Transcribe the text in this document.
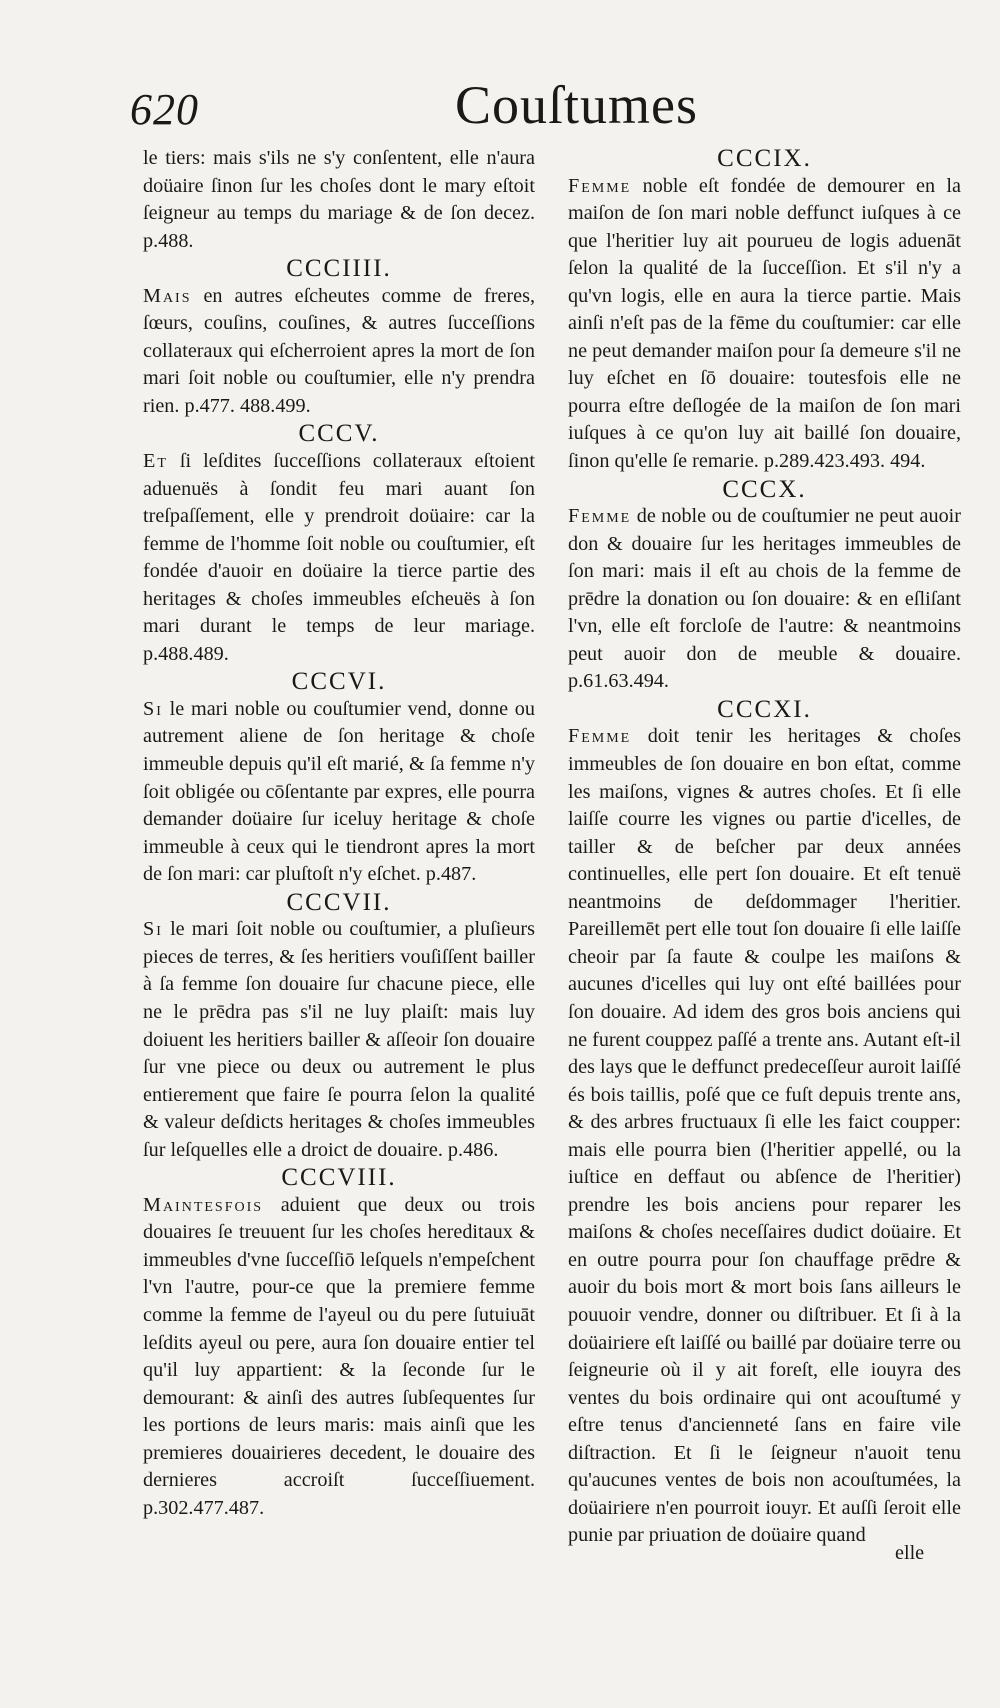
620	Couſtumes

le tiers: mais s'ils ne s'y conſentent, elle n'aura doüaire ſinon ſur les choſes dont le mary eſtoit ſeigneur au temps du mariage & de ſon decez. p.488.

CCCIIII.

Mais en autres eſcheutes comme de freres, ſœurs, couſins, couſines, & autres ſucceſſions collateraux qui eſcherroient apres la mort de ſon mari ſoit noble ou couſtumier, elle n'y prendra rien. p.477. 488.499.

CCCV.

Et ſi leſdites ſucceſſions collateraux eſtoient aduenuës à ſondit feu mari auant ſon treſpaſſement, elle y prendroit doüaire: car la femme de l'homme ſoit noble ou couſtumier, eſt fondée d'auoir en doüaire la tierce partie des heritages & choſes immeubles eſcheuës à ſon mari durant le temps de leur mariage. p.488.489.

CCCVI.

Si le mari noble ou couſtumier vend, donne ou autrement aliene de ſon heritage & choſe immeuble depuis qu'il eſt marié, & ſa femme n'y ſoit obligée ou cōſentante par expres, elle pourra demander doüaire ſur iceluy heritage & choſe immeuble à ceux qui le tiendront apres la mort de ſon mari: car pluſtoſt n'y eſchet. p.487.

CCCVII.

Si le mari ſoit noble ou couſtumier, a pluſieurs pieces de terres, & ſes heritiers vouſiſſent bailler à ſa femme ſon douaire ſur chacune piece, elle ne le prēdra pas s'il ne luy plaiſt: mais luy doiuent les heritiers bailler & aſſeoir ſon douaire ſur vne piece ou deux ou autrement le plus entierement que faire ſe pourra ſelon la qualité & valeur deſdicts heritages & choſes immeubles ſur leſquelles elle a droict de douaire. p.486.

CCCVIII.

Maintesfois aduient que deux ou trois douaires ſe treuuent ſur les choſes hereditaux & immeubles d'vne ſucceſſiō leſquels n'empeſchent l'vn l'autre, pour-ce que la premiere femme comme la femme de l'ayeul ou du pere ſutuiuāt leſdits ayeul ou pere, aura ſon douaire entier tel qu'il luy appartient: & la ſeconde ſur le demourant: & ainſi des autres ſubſequentes ſur les portions de leurs maris: mais ainſi que les premieres douairieres decedent, le douaire des dernieres accroiſt ſucceſſiuement. p.302.477.487.

CCCIX.

Femme noble eſt fondée de demourer en la maiſon de ſon mari noble deffunct iuſques à ce que l'heritier luy ait pourueu de logis aduenāt ſelon la qualité de la ſucceſſion. Et s'il n'y a qu'vn logis, elle en aura la tierce partie. Mais ainſi n'eſt pas de la fēme du couſtumier: car elle ne peut demander maiſon pour ſa demeure s'il ne luy eſchet en ſō douaire: toutesfois elle ne pourra eſtre deſlogée de la maiſon de ſon mari iuſques à ce qu'on luy ait baillé ſon douaire, ſinon qu'elle ſe remarie. p.289.423.493. 494.

CCCX.

Femme de noble ou de couſtumier ne peut auoir don & douaire ſur les heritages immeubles de ſon mari: mais il eſt au chois de la femme de prēdre la donation ou ſon douaire: & en eſliſant l'vn, elle eſt forcloſe de l'autre: & neantmoins peut auoir don de meuble & douaire. p.61.63.494.

CCCXI.

Femme doit tenir les heritages & choſes immeubles de ſon douaire en bon eſtat, comme les maiſons, vignes & autres choſes. Et ſi elle laiſſe courre les vignes ou partie d'icelles, de tailler & de beſcher par deux années continuelles, elle pert ſon douaire. Et eſt tenuë neantmoins de deſdommager l'heritier. Pareillemēt pert elle tout ſon douaire ſi elle laiſſe cheoir par ſa faute & coulpe les maiſons & aucunes d'icelles qui luy ont eſté baillées pour ſon douaire. Ad idem des gros bois anciens qui ne furent couppez paſſé a trente ans. Autant eſt-il des lays que le deffunct predeceſſeur auroit laiſſé és bois taillis, poſé que ce fuſt depuis trente ans, & des arbres fructuaux ſi elle les faict coupper: mais elle pourra bien (l'heritier appellé, ou la iuſtice en deffaut ou abſence de l'heritier) prendre les bois anciens pour reparer les maiſons & choſes neceſſaires dudict doüaire. Et en outre pourra pour ſon chauffage prēdre & auoir du bois mort & mort bois ſans ailleurs le pouuoir vendre, donner ou diſtribuer. Et ſi à la doüairiere eſt laiſſé ou baillé par doüaire terre ou ſeigneurie où il y ait foreſt, elle iouyra des ventes du bois ordinaire qui ont acouſtumé y eſtre tenus d'ancienneté ſans en faire vile diſtraction. Et ſi le ſeigneur n'auoit tenu qu'aucunes ventes de bois non acouſtumées, la doüairiere n'en pourroit iouyr. Et auſſi ſeroit elle punie par priuation de doüaire quand

elle
